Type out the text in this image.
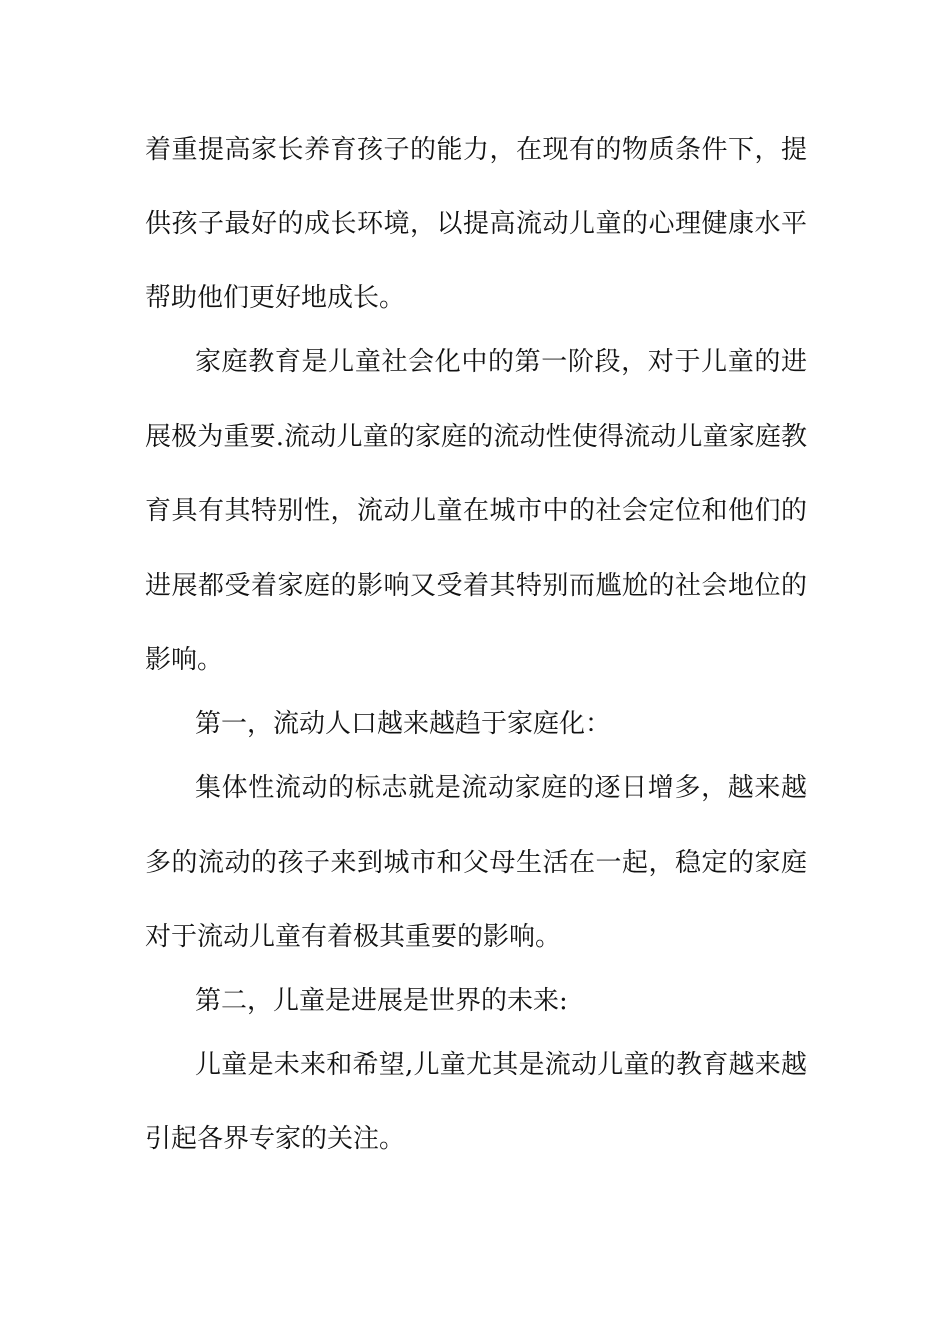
着重提高家长养育孩子的能力，在现有的物质条件下，提
供孩子最好的成长环境，以提高流动儿童的心理健康水平
帮助他们更好地成长。
家庭教育是儿童社会化中的第一阶段，对于儿童的进
展极为重要.流动儿童的家庭的流动性使得流动儿童家庭教
育具有其特别性，流动儿童在城市中的社会定位和他们的
进展都受着家庭的影响又受着其特别而尴尬的社会地位的
影响。
第一，流动人口越来越趋于家庭化：
集体性流动的标志就是流动家庭的逐日增多，越来越
多的流动的孩子来到城市和父母生活在一起，稳定的家庭
对于流动儿童有着极其重要的影响。
第二，儿童是进展是世界的未来:
儿童是未来和希望,儿童尤其是流动儿童的教育越来越
引起各界专家的关注。
